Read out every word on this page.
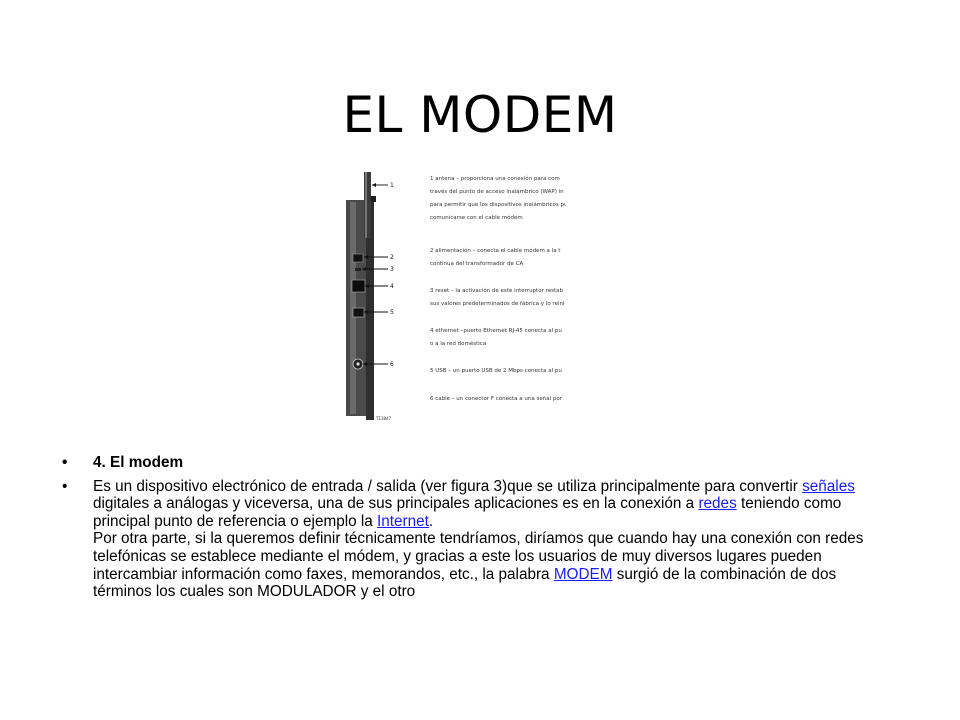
EL MODEM
1
2
3
4
5
6
1 antena – proporciona una conexión para com
través del punto de acceso inalámbrico (WAP) in
para permitir que los dispositivos inalámbricos pu
comunicarse con el cable módem
2 alimentación – conecta el cable módem a la t
continua del transformador de CA
3 reset – la activación de este interruptor restab
sus valores predeterminados de fábrica y lo reini
4 ethernet –puerto Ethernet RJ-45 conecta al pu
o a la red doméstica
5 USB – un puerto USB de 2 Mbps conecta al pu
6 cable – un conector F conecta a una señal por
T13847
• 4. El modem
• Es un dispositivo electrónico de entrada / salida (ver figura 3)que se utiliza principalmente para convertir señales digitales a análogas y viceversa, una de sus principales aplicaciones es en la conexión a redes teniendo como principal punto de referencia o ejemplo la Internet.
Por otra parte, si la queremos definir técnicamente tendríamos, diríamos que cuando hay una conexión con redes telefónicas se establece mediante el módem, y gracias a este los usuarios de muy diversos lugares pueden intercambiar información como faxes, memorandos, etc., la palabra MODEM surgió de la combinación de dos términos los cuales son MODULADOR y el otro
